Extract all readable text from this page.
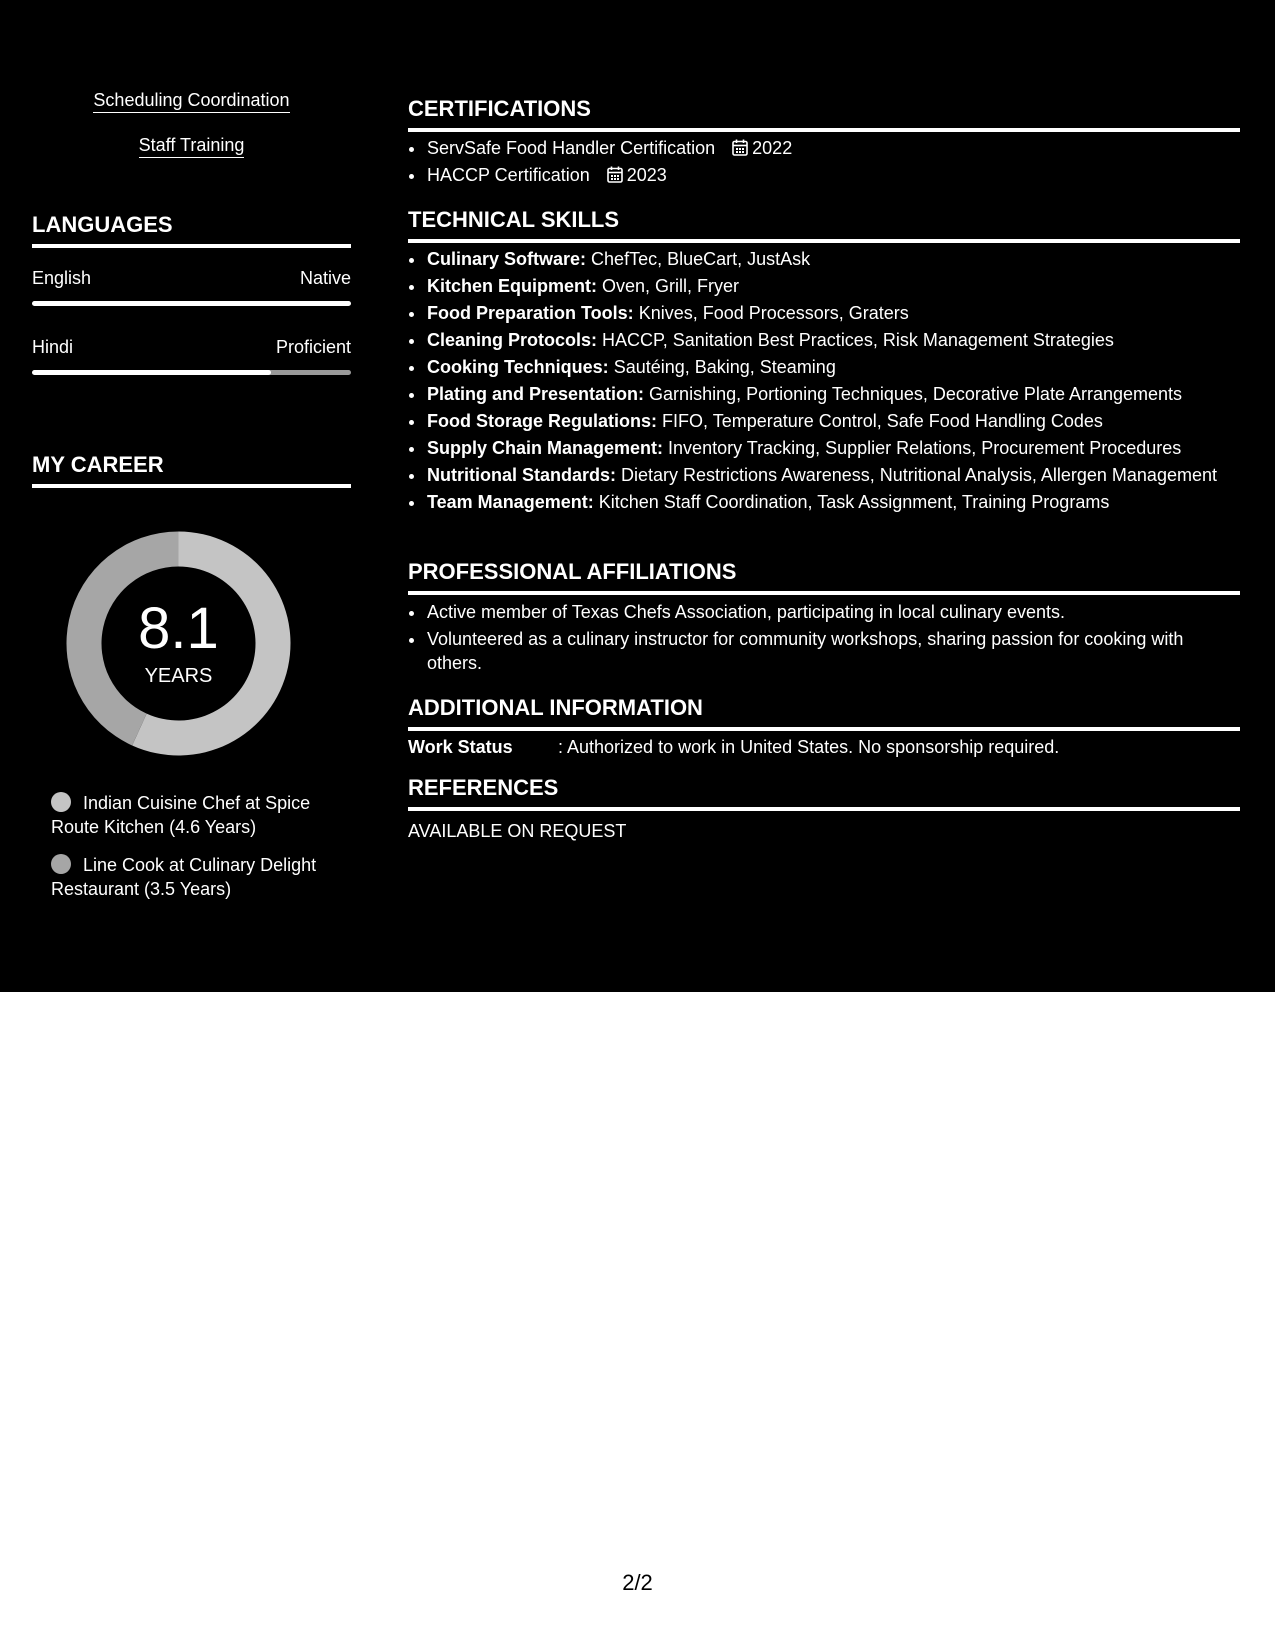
Scheduling Coordination
Staff Training
LANGUAGES
English	Native
Hindi	Proficient
MY CAREER
8.1
YEARS
Indian Cuisine Chef at Spice Route Kitchen (4.6 Years)
Line Cook at Culinary Delight Restaurant (3.5 Years)
CERTIFICATIONS
• ServSafe Food Handler Certification 2022
• HACCP Certification 2023
TECHNICAL SKILLS
• Culinary Software: ChefTec, BlueCart, JustAsk
• Kitchen Equipment: Oven, Grill, Fryer
• Food Preparation Tools: Knives, Food Processors, Graters
• Cleaning Protocols: HACCP, Sanitation Best Practices, Risk Management Strategies
• Cooking Techniques: Sautéing, Baking, Steaming
• Plating and Presentation: Garnishing, Portioning Techniques, Decorative Plate Arrangements
• Food Storage Regulations: FIFO, Temperature Control, Safe Food Handling Codes
• Supply Chain Management: Inventory Tracking, Supplier Relations, Procurement Procedures
• Nutritional Standards: Dietary Restrictions Awareness, Nutritional Analysis, Allergen Management
• Team Management: Kitchen Staff Coordination, Task Assignment, Training Programs
PROFESSIONAL AFFILIATIONS
• Active member of Texas Chefs Association, participating in local culinary events.
• Volunteered as a culinary instructor for community workshops, sharing passion for cooking with others.
ADDITIONAL INFORMATION
Work Status	: Authorized to work in United States. No sponsorship required.
REFERENCES
AVAILABLE ON REQUEST
2/2
